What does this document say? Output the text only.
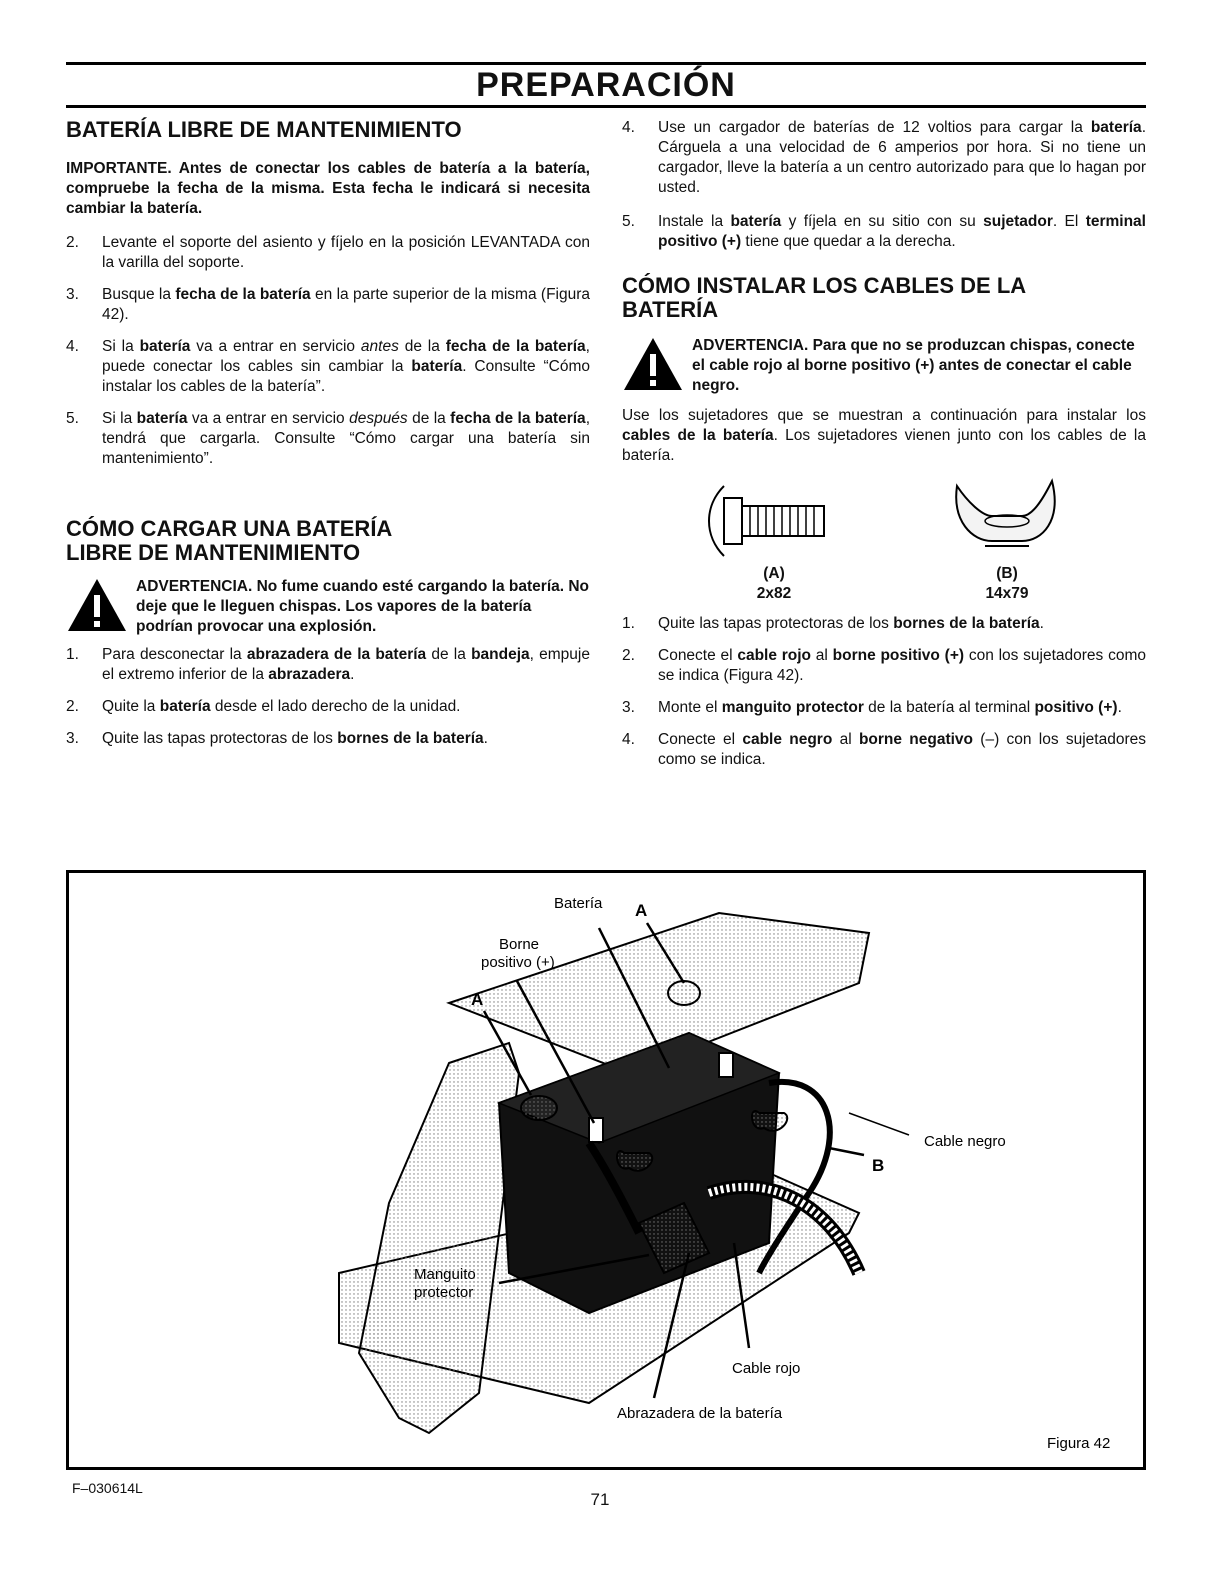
PREPARACIÓN
BATERÍA LIBRE DE MANTENIMIENTO

IMPORTANTE. Antes de conectar los cables de batería a la batería, compruebe la fecha de la misma. Esta fecha le indicará si necesita cambiar la batería.

2.	Levante el soporte del asiento y fíjelo en la posición LEVANTADA con la varilla del soporte.
3.	Busque la fecha de la batería en la parte superior de la misma (Figura 42).
4.	Si la batería va a entrar en servicio antes de la fecha de la batería, puede conectar los cables sin cambiar la batería. Consulte “Cómo instalar los cables de la batería”.
5.	Si la batería va a entrar en servicio después de la fecha de la batería, tendrá que cargarla. Consulte “Cómo cargar una batería sin mantenimiento”.
CÓMO CARGAR UNA BATERÍA
LIBRE DE MANTENIMIENTO
ADVERTENCIA. No fume cuando esté cargando la batería. No deje que le lleguen chispas. Los vapores de la batería podrían provocar una explosión.
1.	Para desconectar la abrazadera de la batería de la bandeja, empuje el extremo inferior de la abrazadera.
2.	Quite la batería desde el lado derecho de la unidad.
3.	Quite las tapas protectoras de los bornes de la batería.
4.	Use un cargador de baterías de 12 voltios para cargar la batería. Cárguela a una velocidad de 6 amperios por hora. Si no tiene un cargador, lleve la batería a un centro autorizado para que lo hagan por usted.
5.	Instale la batería y fíjela en su sitio con su sujetador. El terminal positivo (+) tiene que quedar a la derecha.
CÓMO INSTALAR LOS CABLES DE LA
BATERÍA
ADVERTENCIA. Para que no se produzcan chispas, conecte el cable rojo al borne positivo (+) antes de conectar el cable negro.

Use los sujetadores que se muestran a continuación para instalar los cables de la batería. Los sujetadores vienen junto con los cables de la batería.

(A)
2x82
(B)
14x79
1.	Quite las tapas protectoras de los bornes de la batería.
2.	Conecte el cable rojo al borne positivo (+) con los sujetadores como se indica (Figura 42).
3.	Monte el manguito protector de la batería al terminal positivo (+).
4.	Conecte el cable negro al borne negativo (–) con los sujetadores como se indica.
Batería A
Borne
positivo (+)
A
Cable negro
B
Manguito
protector
Cable rojo
Abrazadera de la batería
Figura 42
F–030614L
71
